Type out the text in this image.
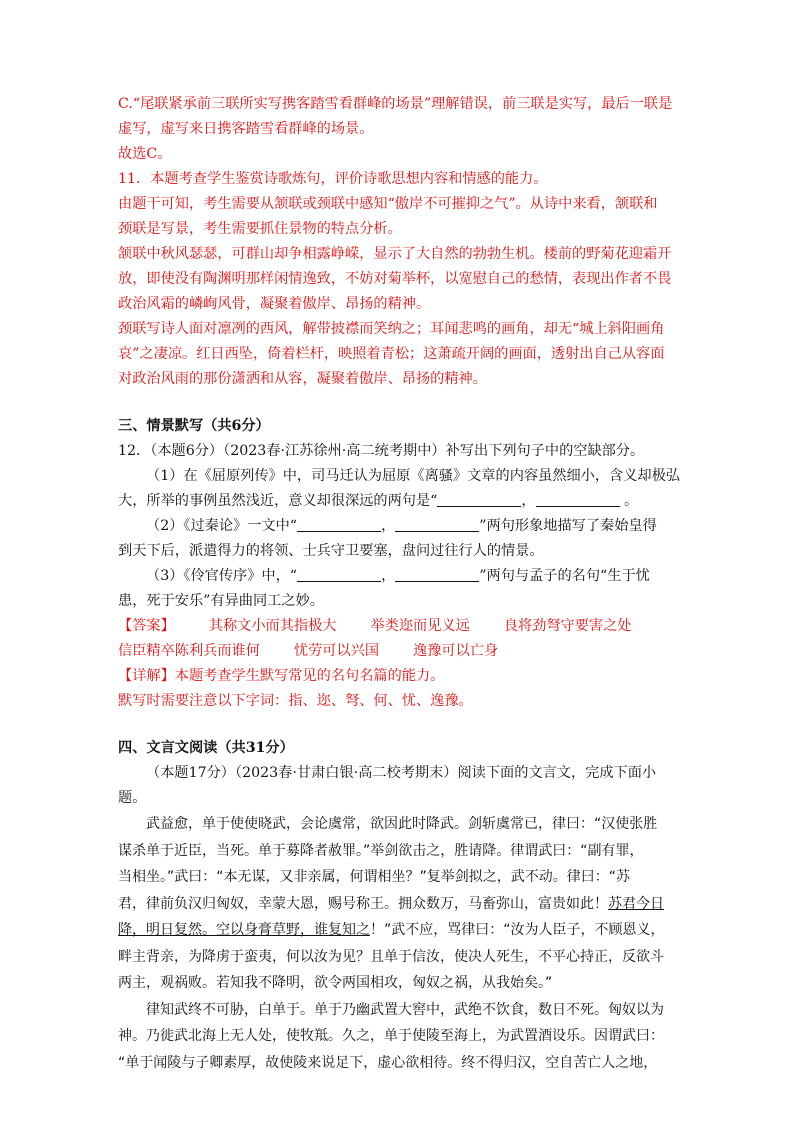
C.“尾联紧承前三联所实写携客踏雪看群峰的场景”理解错误，前三联是实写，最后一联是

虚写，虚写来日携客踏雪看群峰的场景。

故选C。

11．本题考查学生鉴赏诗歌炼句，评价诗歌思想内容和情感的能力。

由题干可知，考生需要从颔联或颈联中感知“傲岸不可摧抑之气”。从诗中来看，颔联和

颈联是写景，考生需要抓住景物的特点分析。

颔联中秋风瑟瑟，可群山却争相露峥嵘，显示了大自然的勃勃生机。楼前的野菊花迎霜开

放，即使没有陶渊明那样闲情逸致，不妨对菊举杯，以宽慰自己的愁情，表现出作者不畏

政治风霜的嶙峋风骨，凝聚着傲岸、昂扬的精神。

颈联写诗人面对凛冽的西风，解带披襟而笑纳之；耳闻悲鸣的画角，却无“城上斜阳画角

哀”之凄凉。红日西坠，倚着栏杆，映照着青松；这萧疏开阔的画面，透射出自己从容面

对政治风雨的那份潇洒和从容，凝聚着傲岸、昂扬的精神。

三、情景默写（共6分）

12．（本题6分）（2023春·江苏徐州·高二统考期中）补写出下列句子中的空缺部分。

（1）在《屈原列传》中，司马迁认为屈原《离骚》文章的内容虽然细小，含义却极弘

大，所举的事例虽然浅近，意义却很深远的两句是“	，	。

（2）《过秦论》一文中“	，	”两句形象地描写了秦始皇得

到天下后，派遣得力的将领、士兵守卫要塞，盘问过往行人的情景。

（3）《伶官传序》中，“	，	”两句与孟子的名句“生于忧

患，死于安乐”有异曲同工之妙。

【答案】 其称文小而其指极大 举类迩而见义远 良将劲弩守要害之处

信臣精卒陈利兵而谁何 忧劳可以兴国 逸豫可以亡身

【详解】本题考查学生默写常见的名句名篇的能力。

默写时需要注意以下字词：指、迩、弩、何、忧、逸豫。

四、文言文阅读（共31分）

（本题17分）（2023春·甘肃白银·高二校考期末）阅读下面的文言文，完成下面小题。

武益愈，单于使使晓武，会论虞常，欲因此时降武。剑斩虞常已，律曰：“汉使张胜

谋杀单于近臣，当死。单于募降者赦罪。”举剑欲击之，胜请降。律谓武曰：“副有罪，

当相坐。”武曰：“本无谋，又非亲属，何谓相坐？”复举剑拟之，武不动。律曰：“苏

君，律前负汉归匈奴，幸蒙大恩，赐号称王。拥众数万，马畜弥山，富贵如此！苏君今日

降，明日复然。空以身膏草野，谁复知之！”武不应，骂律曰：“汝为人臣子，不顾恩义，

畔主背亲，为降虏于蛮夷，何以汝为见？且单于信汝，使决人死生，不平心持正，反欲斗

两主，观祸败。若知我不降明，欲令两国相攻，匈奴之祸，从我始矣。”

律知武终不可胁，白单于。单于乃幽武置大窖中，武绝不饮食，数日不死。匈奴以为

神。乃徙武北海上无人处，使牧羝。久之，单于使陵至海上，为武置酒设乐。因谓武曰：

“单于闻陵与子卿素厚，故使陵来说足下，虚心欲相待。终不得归汉，空自苦亡人之地，
